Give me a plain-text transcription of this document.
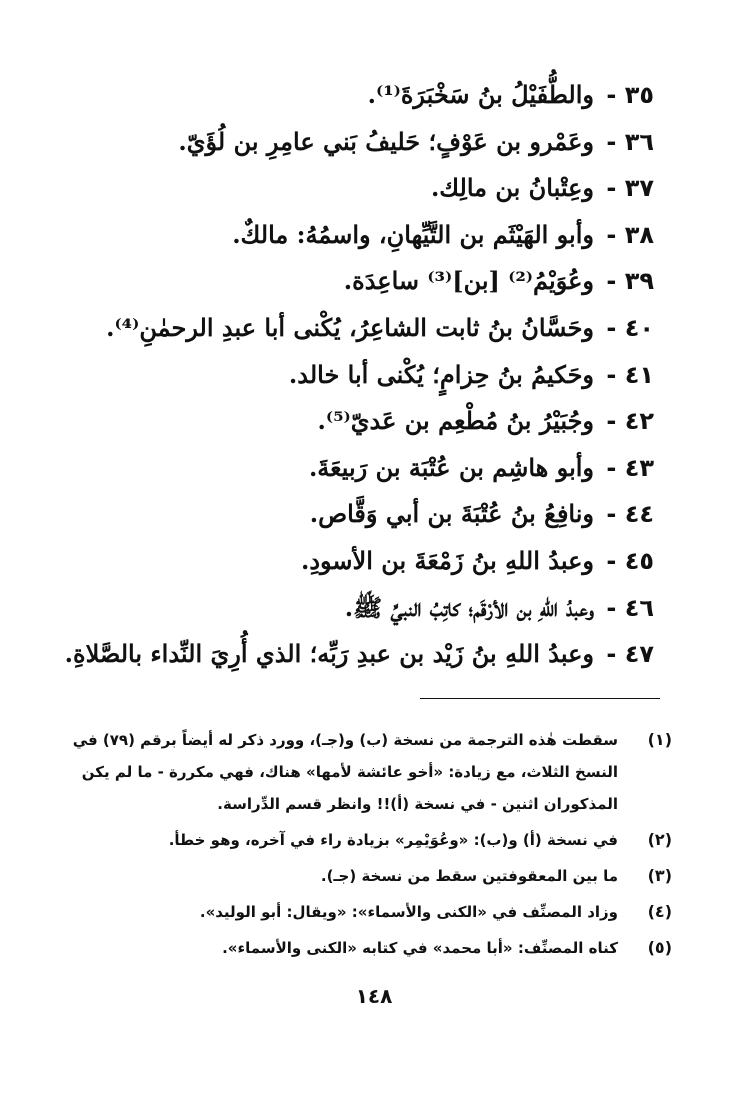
٣٥ -
والطُّفَيْلُ بنُ سَخْبَرَةَ⁽¹⁾.
٣٦ -
وعَمْرو بن عَوْفٍ؛ حَليفُ بَني عامِرِ بن لُؤَيّ.
٣٧ -
وعِتْبانُ بن مالِك.
٣٨ -
وأبو الهَيْثَم بن التَّيِّهانِ، واسمُهُ: مالكٌ.
٣٩ -
وعُوَيْمُ⁽²⁾ [بن]⁽³⁾ ساعِدَة.
٤٠ -
وحَسَّانُ بنُ ثابت الشاعِرُ، يُكْنى أبا عبدِ الرحمٰنِ⁽⁴⁾.
٤١ -
وحَكيمُ بنُ حِزامٍ؛ يُكْنى أبا خالد.
٤٢ -
وجُبَيْرُ بنُ مُطْعِم بن عَديّ⁽⁵⁾.
٤٣ -
وأبو هاشِم بن عُتْبَة بن رَبيعَةَ.
٤٤ -
ونافِعُ بنُ عُتْبَةَ بن أبي وَقَّاص.
٤٥ -
وعبدُ اللهِ بنُ زَمْعَةَ بن الأسودِ.
٤٦ -
وعبدُ اللهِ بن الأرْقَم؛ كاتِبُ النبيِّ ﷺ.
٤٧ -
وعبدُ اللهِ بنُ زَيْد بن عبدِ رَبِّه؛ الذي أُرِيَ النِّداء بالصَّلاةِ.
(١)
سقطت هٰذه الترجمة من نسخة (ب) و(جـ)، وورد ذكر له أيضاً برقم (٧٩) في النسخ الثلاث، مع زيادة: «أخو عائشة لأمها» هناك، فهي مكررة - ما لم يكن المذكوران اثنين - في نسخة (أ)!! وانظر قسم الدِّراسة.
(٢)
في نسخة (أ) و(ب): «وعُوَيْمِر» بزيادة راء في آخره، وهو خطأ.
(٣)
ما بين المعقوفتين سقط من نسخة (جـ).
(٤)
وزاد المصنِّف في «الكنى والأسماء»: «ويقال: أبو الوليد».
(٥)
كناه المصنِّف: «أبا محمد» في كتابه «الكنى والأسماء».
١٤٨
